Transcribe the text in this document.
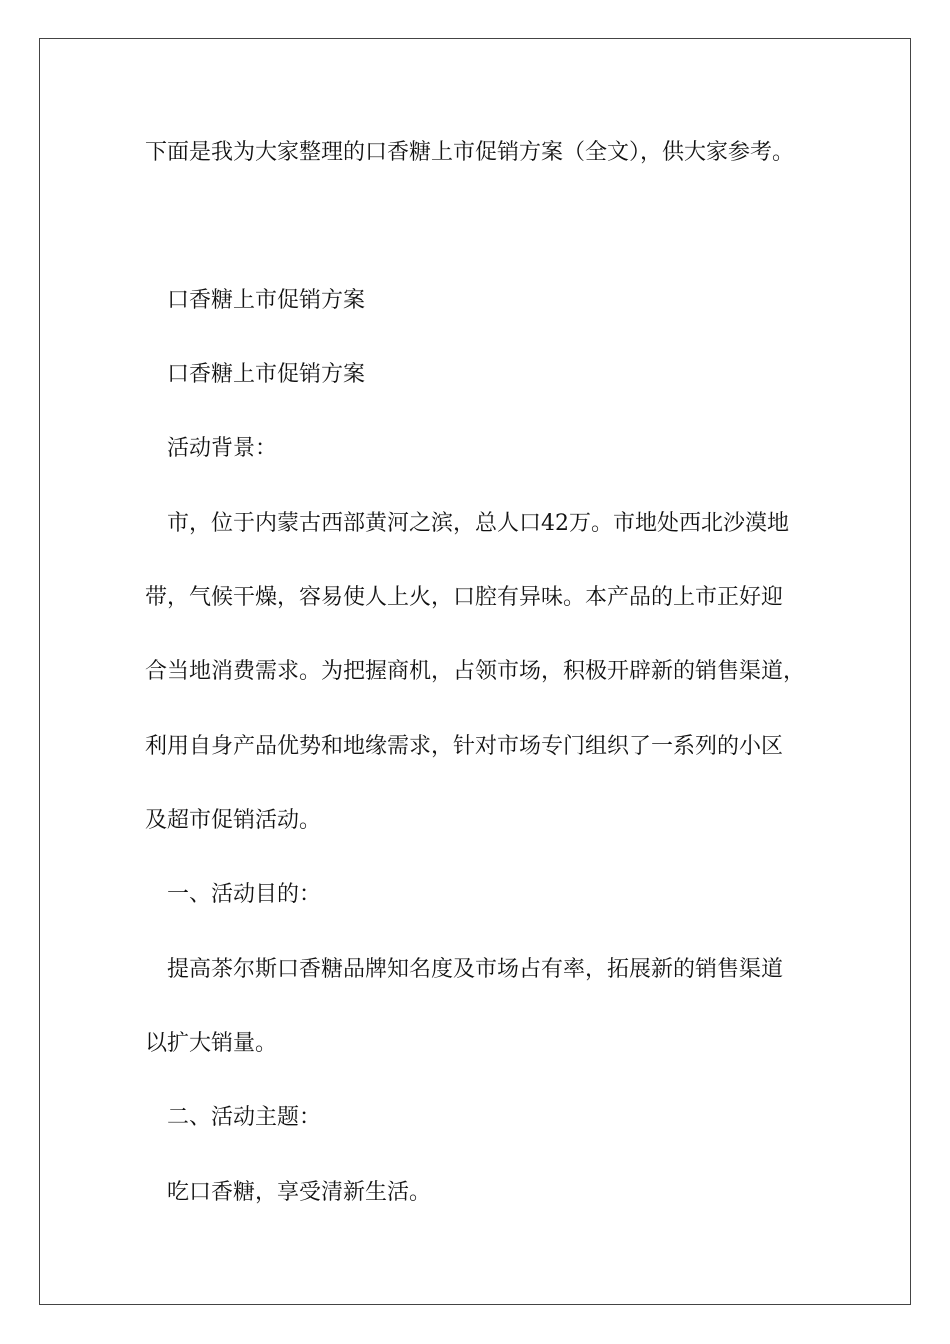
下面是我为大家整理的口香糖上市促销方案（全文），供大家参考。
口香糖上市促销方案
口香糖上市促销方案
活动背景：
市，位于内蒙古西部黄河之滨，总人口42万。市地处西北沙漠地
带，气候干燥，容易使人上火，口腔有异味。本产品的上市正好迎
合当地消费需求。为把握商机，占领市场，积极开辟新的销售渠道，
利用自身产品优势和地缘需求，针对市场专门组织了一系列的小区
及超市促销活动。
一、活动目的：
提高茶尔斯口香糖品牌知名度及市场占有率，拓展新的销售渠道
以扩大销量。
二、活动主题：
吃口香糖，享受清新生活。
